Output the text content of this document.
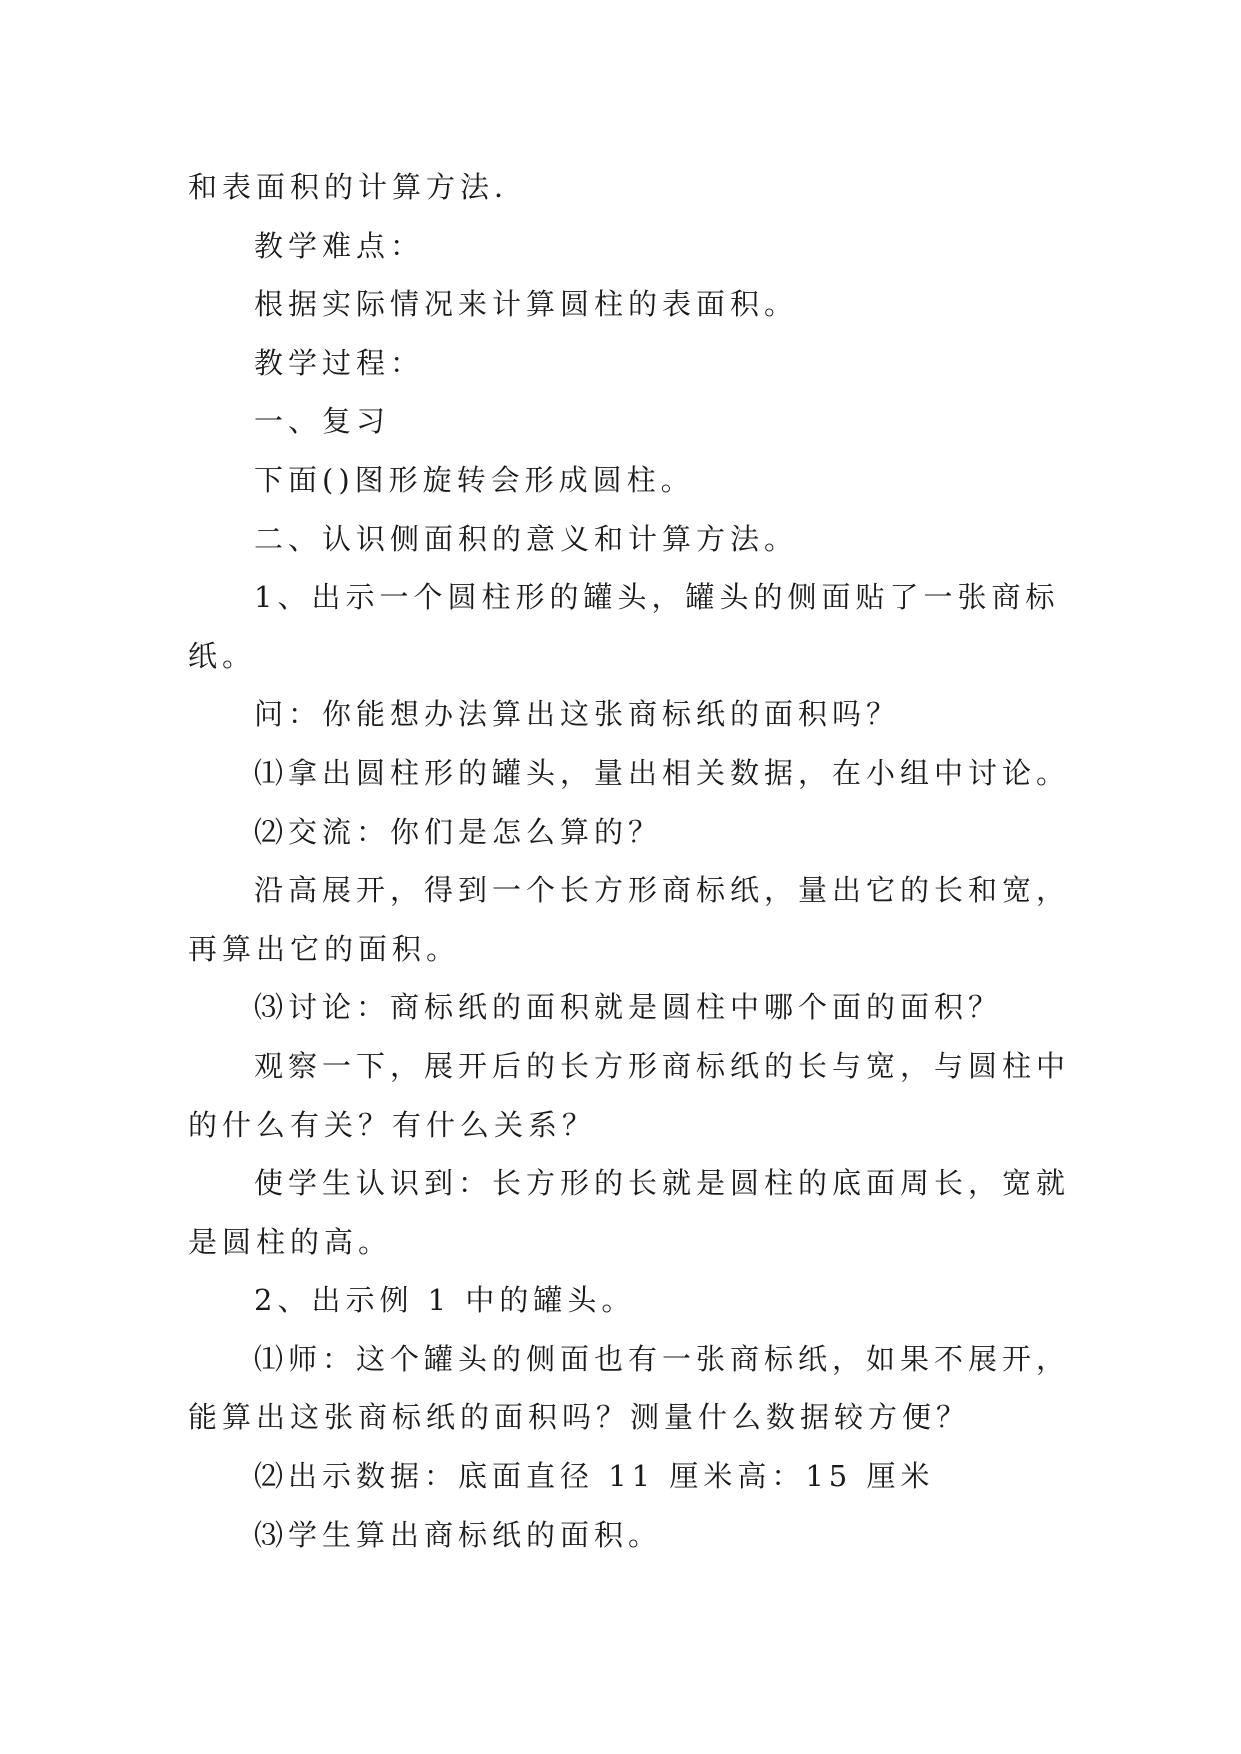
和表面积的计算方法．
教学难点：
根据实际情况来计算圆柱的表面积。
教学过程：
一、复习
下面()图形旋转会形成圆柱。
二、认识侧面积的意义和计算方法。
1、出示一个圆柱形的罐头，罐头的侧面贴了一张商标
纸。
问：你能想办法算出这张商标纸的面积吗？
⑴拿出圆柱形的罐头，量出相关数据，在小组中讨论。
⑵交流：你们是怎么算的？
沿高展开，得到一个长方形商标纸，量出它的长和宽，
再算出它的面积。
⑶讨论：商标纸的面积就是圆柱中哪个面的面积？
观察一下，展开后的长方形商标纸的长与宽，与圆柱中
的什么有关？有什么关系？
使学生认识到：长方形的长就是圆柱的底面周长，宽就
是圆柱的高。
2、出示例 1 中的罐头。
⑴师：这个罐头的侧面也有一张商标纸，如果不展开，
能算出这张商标纸的面积吗？测量什么数据较方便？
⑵出示数据：底面直径 11 厘米高：15 厘米
⑶学生算出商标纸的面积。
